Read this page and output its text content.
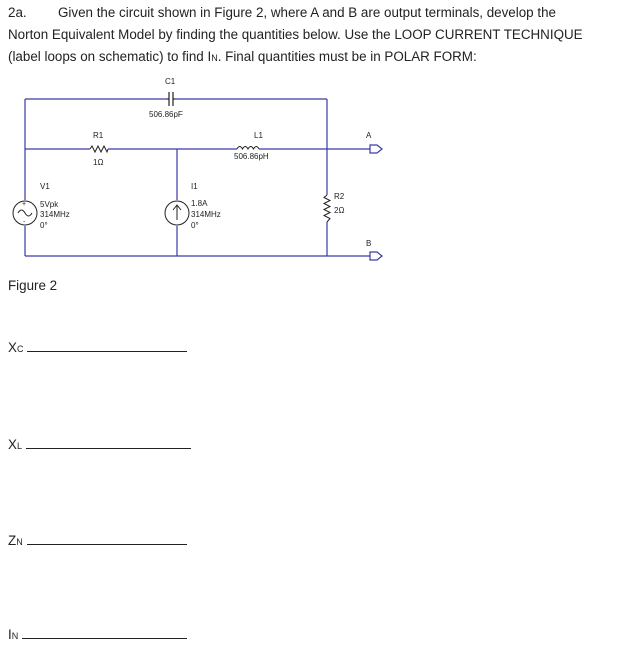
2a. Given the circuit shown in Figure 2, where A and B are output terminals, develop the
Norton Equivalent Model by finding the quantities below. Use the LOOP CURRENT TECHNIQUE
(label loops on schematic) to find IN. Final quantities must be in POLAR FORM:
C1
506.86pF
R1
1Ω
L1
506.86pH
+
-
V1
5Vpk
314MHz
0°
I1
1.8A
314MHz
0°
R2
2Ω
A
B
Figure 2
XC
XL
ZN
IN
